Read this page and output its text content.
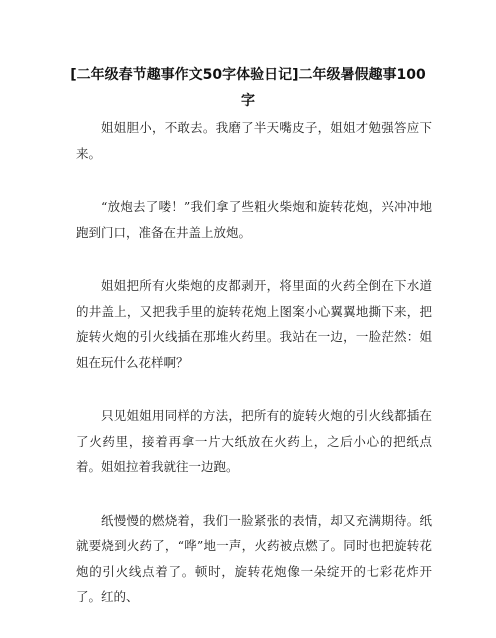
[二年级春节趣事作文50字体验日记]二年级暑假趣事100字

姐姐胆小，不敢去。我磨了半天嘴皮子，姐姐才勉强答应下来。

“放炮去了喽！”我们拿了些粗火柴炮和旋转花炮，兴冲冲地跑到门口，准备在井盖上放炮。

姐姐把所有火柴炮的皮都剥开，将里面的火药全倒在下水道的井盖上，又把我手里的旋转花炮上图案小心翼翼地撕下来，把旋转火炮的引火线插在那堆火药里。我站在一边，一脸茫然：姐姐在玩什么花样啊？

只见姐姐用同样的方法，把所有的旋转火炮的引火线都插在了火药里，接着再拿一片大纸放在火药上，之后小心的把纸点着。姐姐拉着我就往一边跑。

纸慢慢的燃烧着，我们一脸紧张的表情，却又充满期待。纸就要烧到火药了，“哗”地一声，火药被点燃了。同时也把旋转花炮的引火线点着了。顿时，旋转花炮像一朵绽开的七彩花炸开了。红的、
